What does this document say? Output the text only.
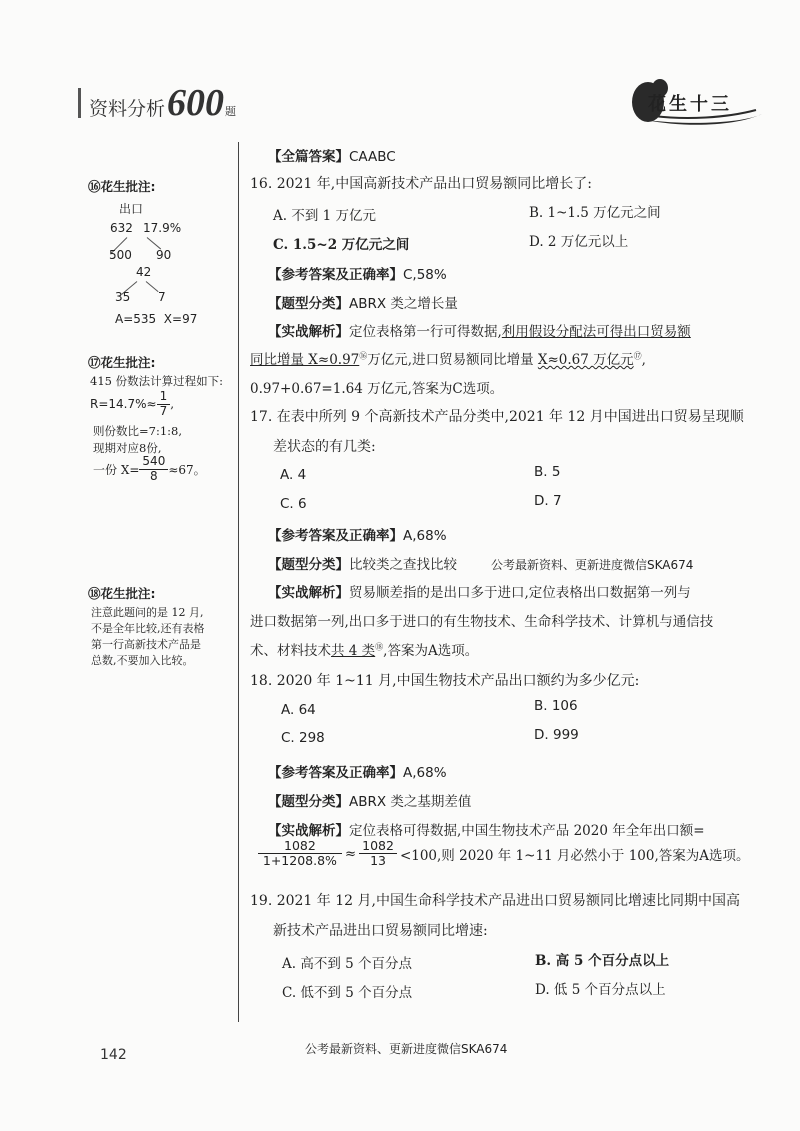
资料分析 600 题	花生十三
⑯花生批注:
出口
632 17.9%
500 90
42
35 7
A=535  X=97
⑰花生批注:
415 份数法计算过程如下:
$R=14.7\%\approx \frac{1}{7}$ ,
则份数比=7:1:8,
现期对应8份,
一份 $X= \frac{540}{8} \approx 67$。
⑱花生批注:
注意此题问的是 12 月,
不是全年比较,还有表格
第一行高新技术产品是
总数,不要加入比较。
【全篇答案】CAABC
16. 2021 年,中国高新技术产品出口贸易额同比增长了:
A. 不到 1 万亿元	B. 1~1.5 万亿元之间
C. 1.5~2 万亿元之间	D. 2 万亿元以上
【参考答案及正确率】C,58%
【题型分类】ABRX 类之增长量
【实战解析】定位表格第一行可得数据,利用假设分配法可得出口贸易额
同比增量 X≈0.97⑯万亿元,进口贸易额同比增量 X≈0.67 万亿元⑰,
0.97+0.67=1.64 万亿元,答案为C选项。
17. 在表中所列 9 个高新技术产品分类中,2021 年 12 月中国进出口贸易呈现顺
差状态的有几类:
A. 4	B. 5
C. 6	D. 7
【参考答案及正确率】A,68%
【题型分类】比较类之查找比较	公考最新资料、更新进度微信SKA674
【实战解析】贸易顺差指的是出口多于进口,定位表格出口数据第一列与
进口数据第一列,出口多于进口的有生物技术、生命科学技术、计算机与通信技
术、材料技术共 4 类⑱,答案为A选项。
18. 2020 年 1~11 月,中国生物技术产品出口额约为多少亿元:
A. 64	B. 106
C. 298	D. 999
【参考答案及正确率】A,68%
【题型分类】ABRX 类之基期差值
【实战解析】定位表格可得数据,中国生物技术产品 2020 年全年出口额=
$\frac{1082}{1+1208.8\%} \approx \frac{1082}{13} <100$,则 2020 年 1~11 月必然小于 100,答案为A选项。
19. 2021 年 12 月,中国生命科学技术产品进出口贸易额同比增速比同期中国高
新技术产品进出口贸易额同比增速:
A. 高不到 5 个百分点	B. 高 5 个百分点以上
C. 低不到 5 个百分点	D. 低 5 个百分点以上
142	公考最新资料、更新进度微信SKA674
